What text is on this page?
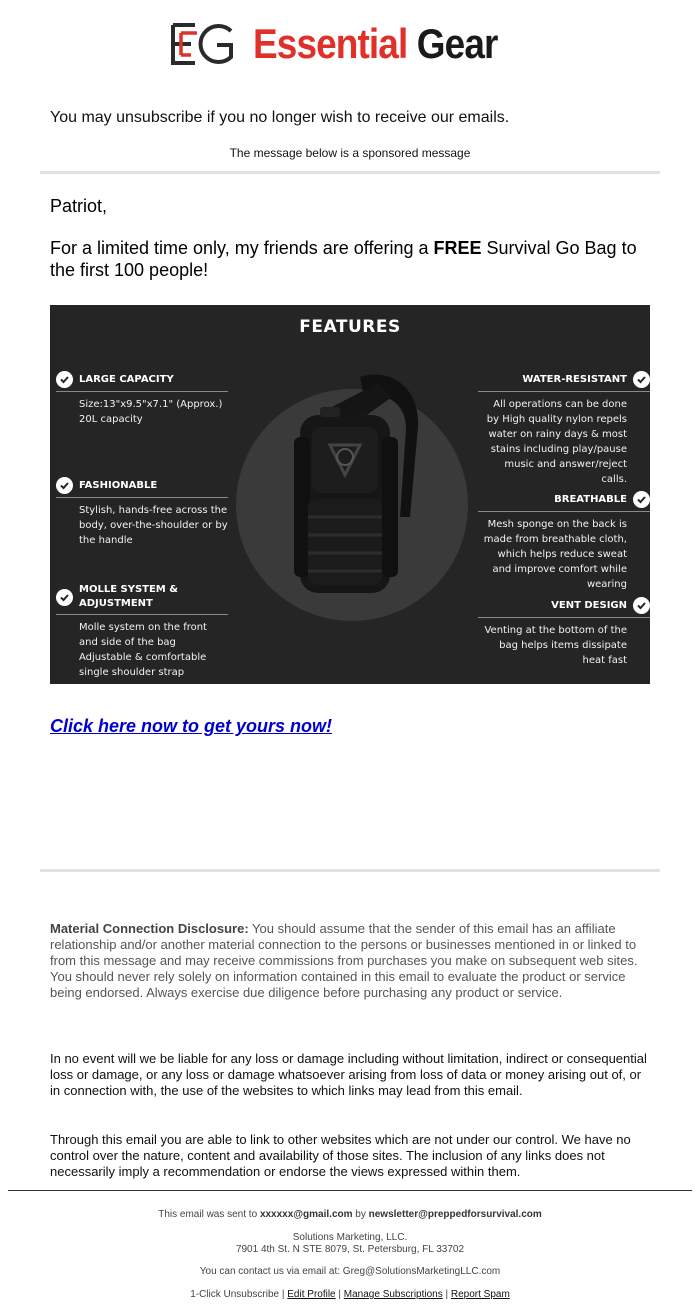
Essential Gear
You may unsubscribe if you no longer wish to receive our emails.
The message below is a sponsored message
Patriot,
For a limited time only, my friends are offering a FREE Survival Go Bag to the first 100 people!
FEATURES
LARGE CAPACITY
Size:13"x9.5"x7.1" (Approx.) 20L capacity
FASHIONABLE
Stylish, hands-free across the body, over-the-shoulder or by the handle
MOLLE SYSTEM & ADJUSTMENT
Molle system on the front and side of the bag Adjustable & comfortable single shoulder strap
WATER-RESISTANT
All operations can be done by High quality nylon repels water on rainy days & most stains including play/pause music and answer/reject calls.
BREATHABLE
Mesh sponge on the back is made from breathable cloth, which helps reduce sweat and improve comfort while wearing
VENT DESIGN
Venting at the bottom of the bag helps items dissipate heat fast
Click here now to get yours now!
Material Connection Disclosure: You should assume that the sender of this email has an affiliate relationship and/or another material connection to the persons or businesses mentioned in or linked to from this message and may receive commissions from purchases you make on subsequent web sites. You should never rely solely on information contained in this email to evaluate the product or service being endorsed. Always exercise due diligence before purchasing any product or service.
In no event will we be liable for any loss or damage including without limitation, indirect or consequential loss or damage, or any loss or damage whatsoever arising from loss of data or money arising out of, or in connection with, the use of the websites to which links may lead from this email.
Through this email you are able to link to other websites which are not under our control. We have no control over the nature, content and availability of those sites. The inclusion of any links does not necessarily imply a recommendation or endorse the views expressed within them.
This email was sent to xxxxxx@gmail.com by newsletter@preppedforsurvival.com
Solutions Marketing, LLC.
7901 4th St. N STE 8079, St. Petersburg, FL 33702
You can contact us via email at: Greg@SolutionsMarketingLLC.com
1-Click Unsubscribe | Edit Profile | Manage Subscriptions | Report Spam
